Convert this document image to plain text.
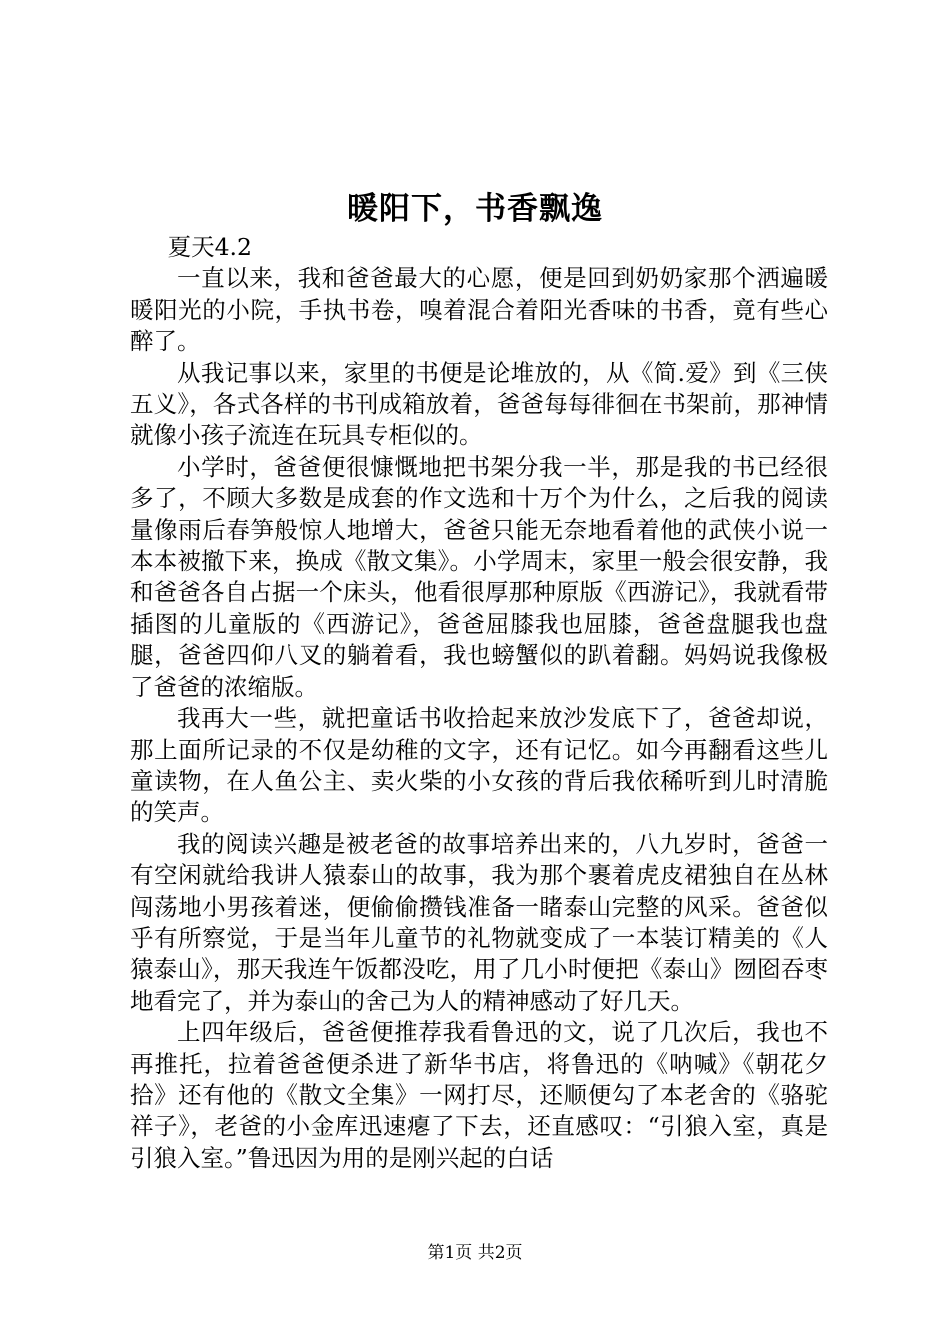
暖阳下，书香飘逸

夏天4.2

一直以来，我和爸爸最大的心愿，便是回到奶奶家那个洒遍暖暖阳光的小院，手执书卷，嗅着混合着阳光香味的书香，竟有些心醉了。

从我记事以来，家里的书便是论堆放的，从《简.爱》到《三侠五义》，各式各样的书刊成箱放着，爸爸每每徘徊在书架前，那神情就像小孩子流连在玩具专柜似的。

小学时，爸爸便很慷慨地把书架分我一半，那是我的书已经很多了，不顾大多数是成套的作文选和十万个为什么，之后我的阅读量像雨后春笋般惊人地增大，爸爸只能无奈地看着他的武侠小说一本本被撤下来，换成《散文集》。小学周末，家里一般会很安静，我和爸爸各自占据一个床头，他看很厚那种原版《西游记》，我就看带插图的儿童版的《西游记》，爸爸屈膝我也屈膝，爸爸盘腿我也盘腿，爸爸四仰八叉的躺着看，我也螃蟹似的趴着翻。妈妈说我像极了爸爸的浓缩版。

我再大一些，就把童话书收拾起来放沙发底下了，爸爸却说，那上面所记录的不仅是幼稚的文字，还有记忆。如今再翻看这些儿童读物，在人鱼公主、卖火柴的小女孩的背后我依稀听到儿时清脆的笑声。

我的阅读兴趣是被老爸的故事培养出来的，八九岁时，爸爸一有空闲就给我讲人猿泰山的故事，我为那个裹着虎皮裙独自在丛林闯荡地小男孩着迷，便偷偷攒钱准备一睹泰山完整的风采。爸爸似乎有所察觉，于是当年儿童节的礼物就变成了一本装订精美的《人猿泰山》，那天我连午饭都没吃，用了几小时便把《泰山》囫囵吞枣地看完了，并为泰山的舍己为人的精神感动了好几天。

上四年级后，爸爸便推荐我看鲁迅的文，说了几次后，我也不再推托，拉着爸爸便杀进了新华书店，将鲁迅的《呐喊》《朝花夕拾》还有他的《散文全集》一网打尽，还顺便勾了本老舍的《骆驼祥子》，老爸的小金库迅速瘪了下去，还直感叹：“引狼入室，真是引狼入室。”鲁迅因为用的是刚兴起的白话

第1页 共2页
